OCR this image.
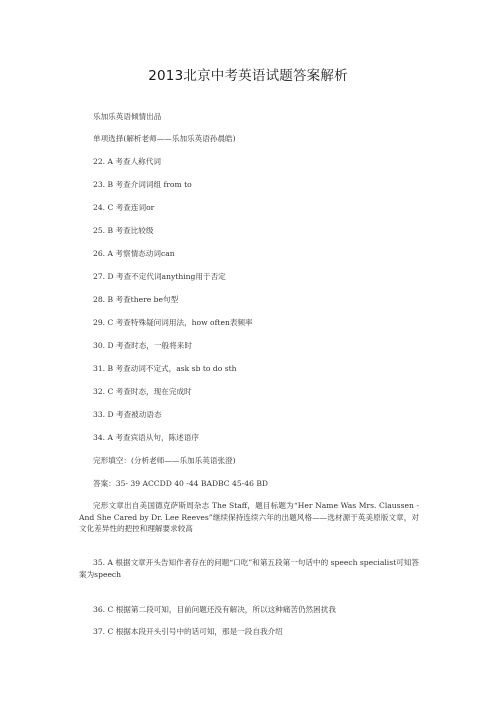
2013北京中考英语试题答案解析
乐加乐英语倾情出品
单项选择(解析老师——乐加乐英语孙晨皓)
22. A 考查人称代词
23. B 考查介词词组 from to
24. C 考查连词or
25. B 考查比较级
26. A 考察情态动词can
27. D 考查不定代词anything用于否定
28. B 考查there be句型
29. C 考查特殊疑问词用法，how often表频率
30. D 考查时态，一般将来时
31. B 考查动词不定式，ask sb to do sth
32. C 考查时态，现在完成时
33. D 考查被动语态
34. A 考查宾语从句，陈述语序
完形填空：(分析老师——乐加乐英语张澄)
答案：35- 39 ACCDD 40 -44 BADBC 45-46 BD
完形文章出自美国德克萨斯周杂志 The Staff，题目标题为“Her Name Was Mrs. Claussen - And She Cared by Dr. Lee Reeves”继续保持连续六年的出题风格——选材源于英美原版文章，对文化差异性的把控和理解要求较高
35. A 根据文章开头告知作者存在的问题“口吃”和第五段第一句话中的 speech specialist可知答案为speech
36. C 根据第二段可知，目前问题还没有解决，所以这种痛苦仍然困扰我
37. C 根据本段开头引号中的话可知，那是一段自我介绍
